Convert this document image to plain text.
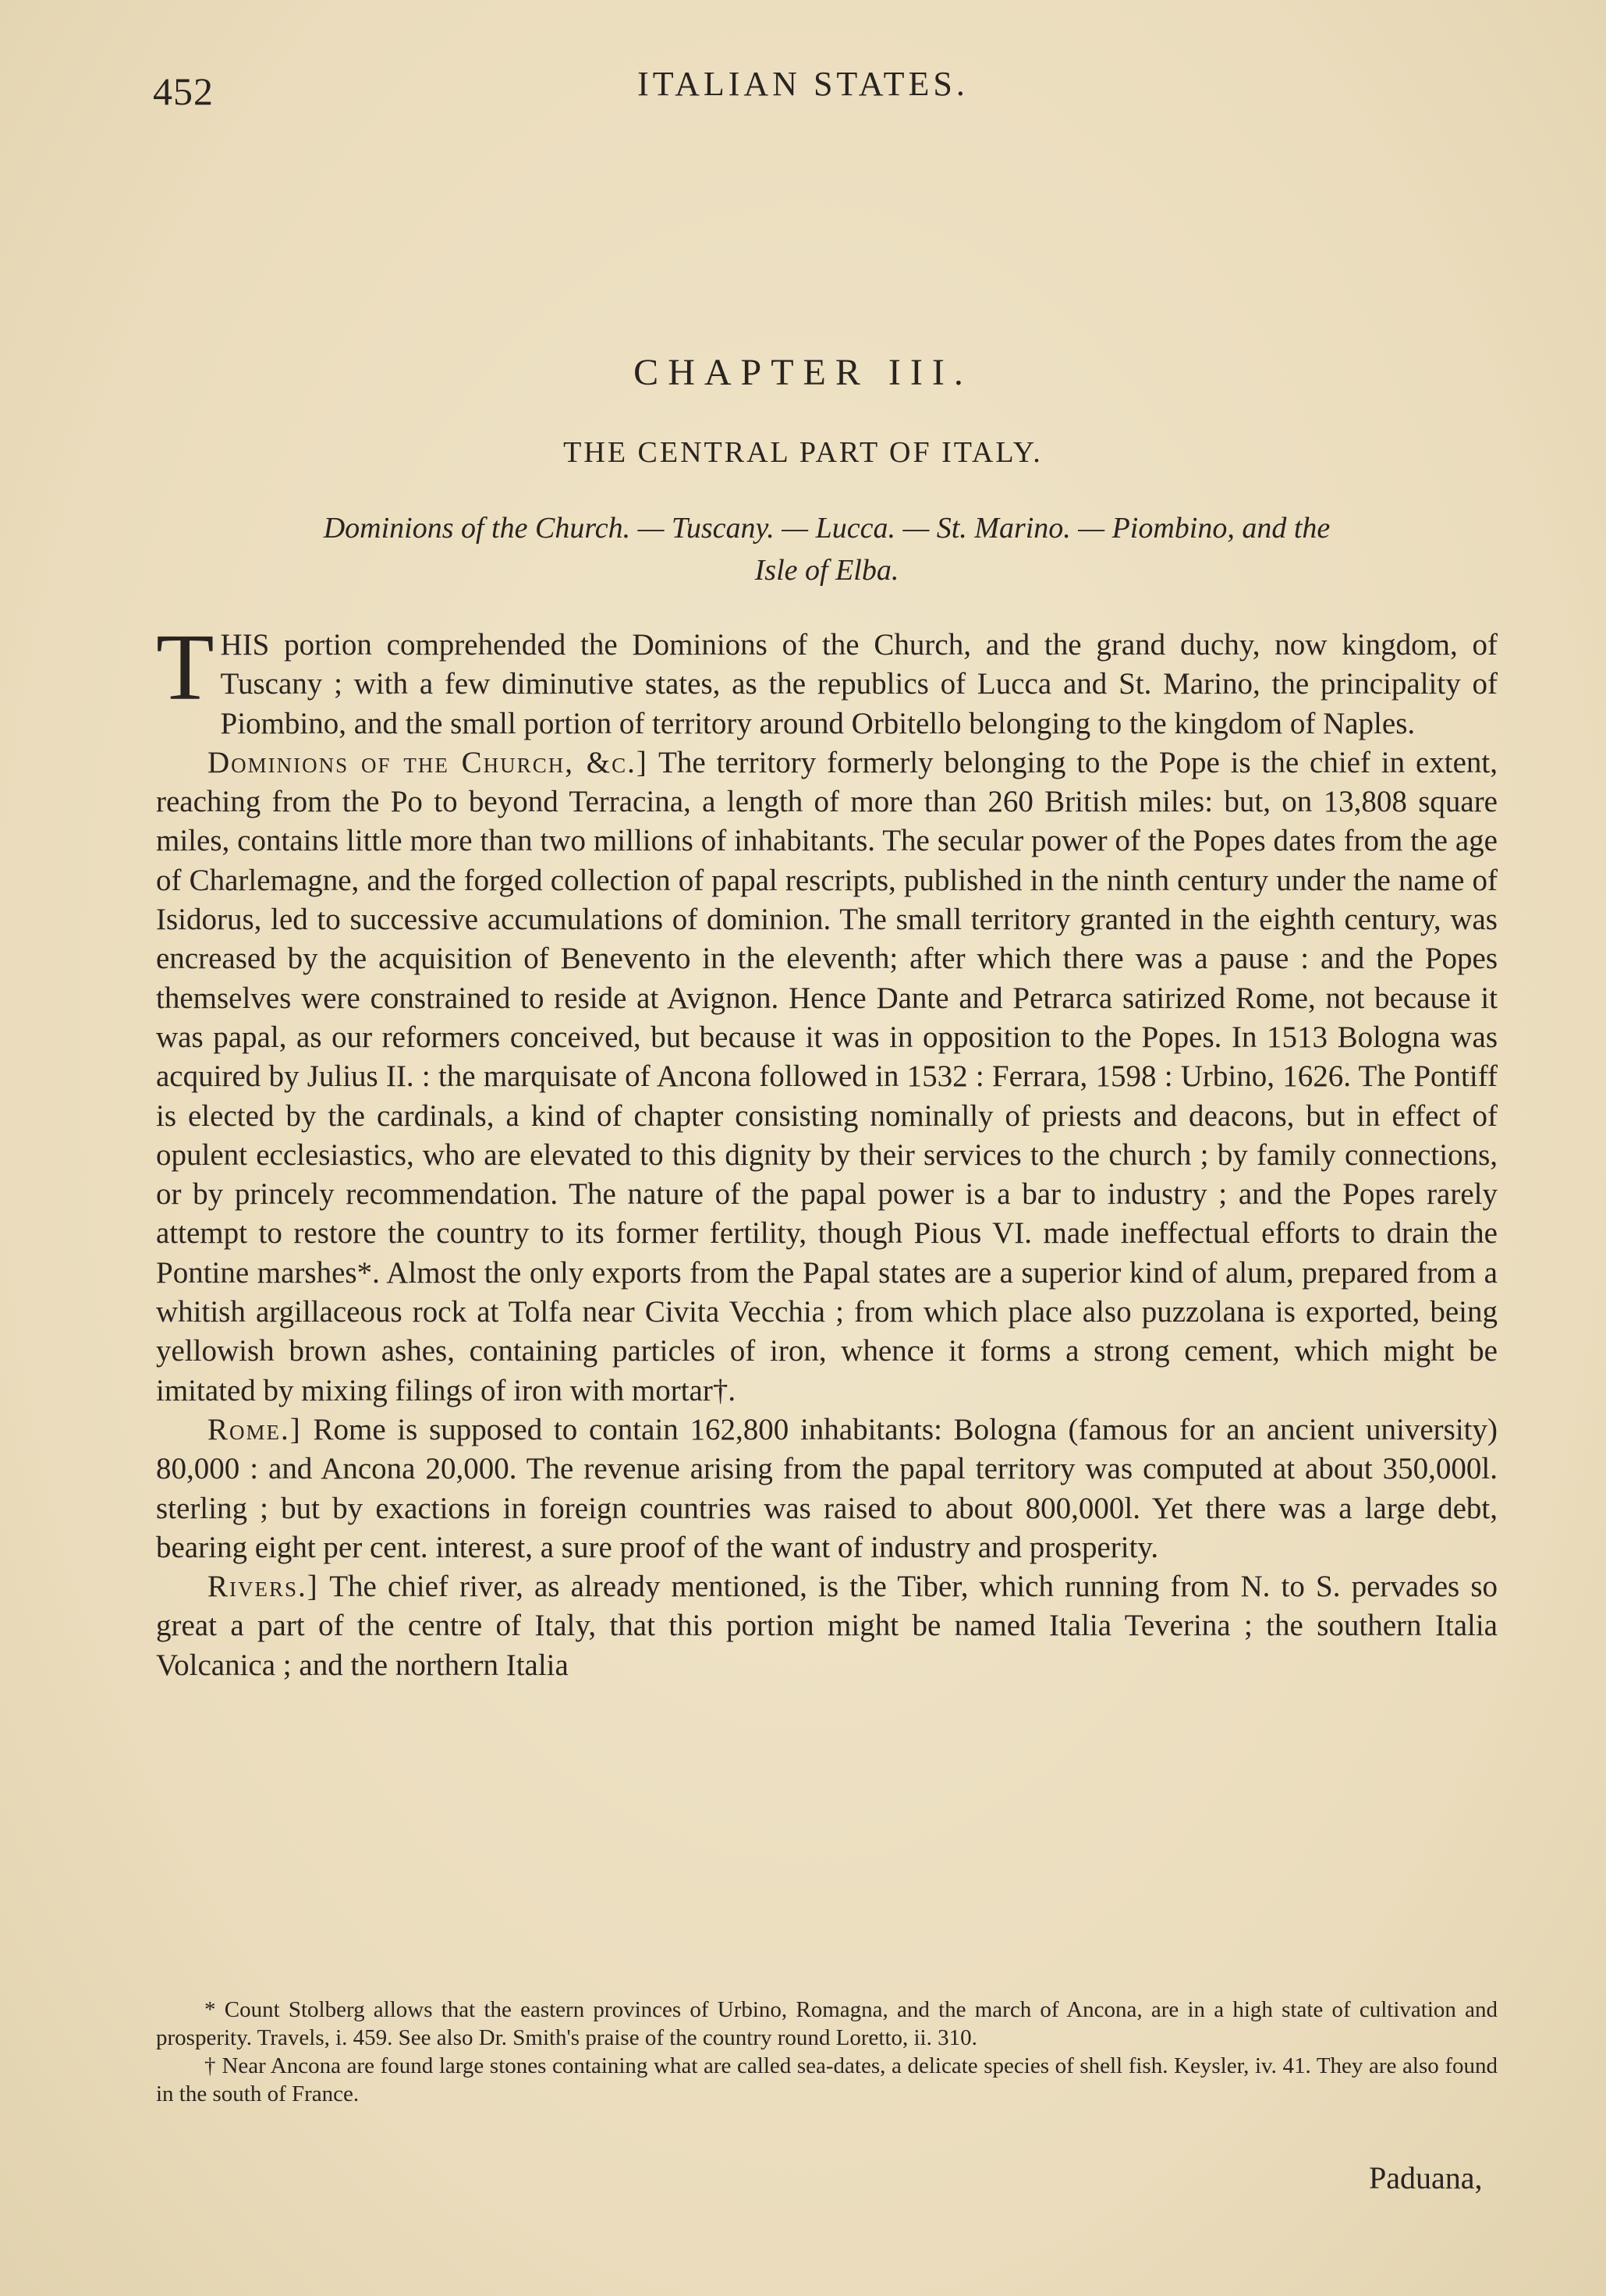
452	ITALIAN STATES.
CHAPTER III.
THE CENTRAL PART OF ITALY.
Dominions of the Church. — Tuscany. — Lucca. — St. Marino. — Piombino, and the
Isle of Elba.

THIS portion comprehended the Dominions of the Church, and the grand duchy, now kingdom, of Tuscany ; with a few diminutive states, as the republics of Lucca and St. Marino, the principality of Piombino, and the small portion of territory around Orbitello belonging to the kingdom of Naples.

Dominions of the Church, &c.] The territory formerly belonging to the Pope is the chief in extent, reaching from the Po to beyond Terracina, a length of more than 260 British miles: but, on 13,808 square miles, contains little more than two millions of inhabitants. The secular power of the Popes dates from the age of Charlemagne, and the forged collection of papal rescripts, published in the ninth century under the name of Isidorus, led to successive accumulations of dominion. The small territory granted in the eighth century, was encreased by the acquisition of Benevento in the eleventh; after which there was a pause : and the Popes themselves were constrained to reside at Avignon. Hence Dante and Petrarca satirized Rome, not because it was papal, as our reformers conceived, but because it was in opposition to the Popes. In 1513 Bologna was acquired by Julius II. : the marquisate of Ancona followed in 1532 : Ferrara, 1598 : Urbino, 1626. The Pontiff is elected by the cardinals, a kind of chapter consisting nominally of priests and deacons, but in effect of opulent ecclesiastics, who are elevated to this dignity by their services to the church ; by family connections, or by princely recommendation. The nature of the papal power is a bar to industry ; and the Popes rarely attempt to restore the country to its former fertility, though Pious VI. made ineffectual efforts to drain the Pontine marshes*. Almost the only exports from the Papal states are a superior kind of alum, prepared from a whitish argillaceous rock at Tolfa near Civita Vecchia ; from which place also puzzolana is exported, being yellowish brown ashes, containing particles of iron, whence it forms a strong cement, which might be imitated by mixing filings of iron with mortar†.

Rome.] Rome is supposed to contain 162,800 inhabitants: Bologna (famous for an ancient university) 80,000 : and Ancona 20,000. The revenue arising from the papal territory was computed at about 350,000l. sterling ; but by exactions in foreign countries was raised to about 800,000l. Yet there was a large debt, bearing eight per cent. interest, a sure proof of the want of industry and prosperity.

Rivers.] The chief river, as already mentioned, is the Tiber, which running from N. to S. pervades so great a part of the centre of Italy, that this portion might be named Italia Teverina ; the southern Italia Volcanica ; and the northern Italia

* Count Stolberg allows that the eastern provinces of Urbino, Romagna, and the march of Ancona, are in a high state of cultivation and prosperity. Travels, i. 459. See also Dr. Smith's praise of the country round Loretto, ii. 310.

† Near Ancona are found large stones containing what are called sea-dates, a delicate species of shell fish. Keysler, iv. 41. They are also found in the south of France.

Paduana,
